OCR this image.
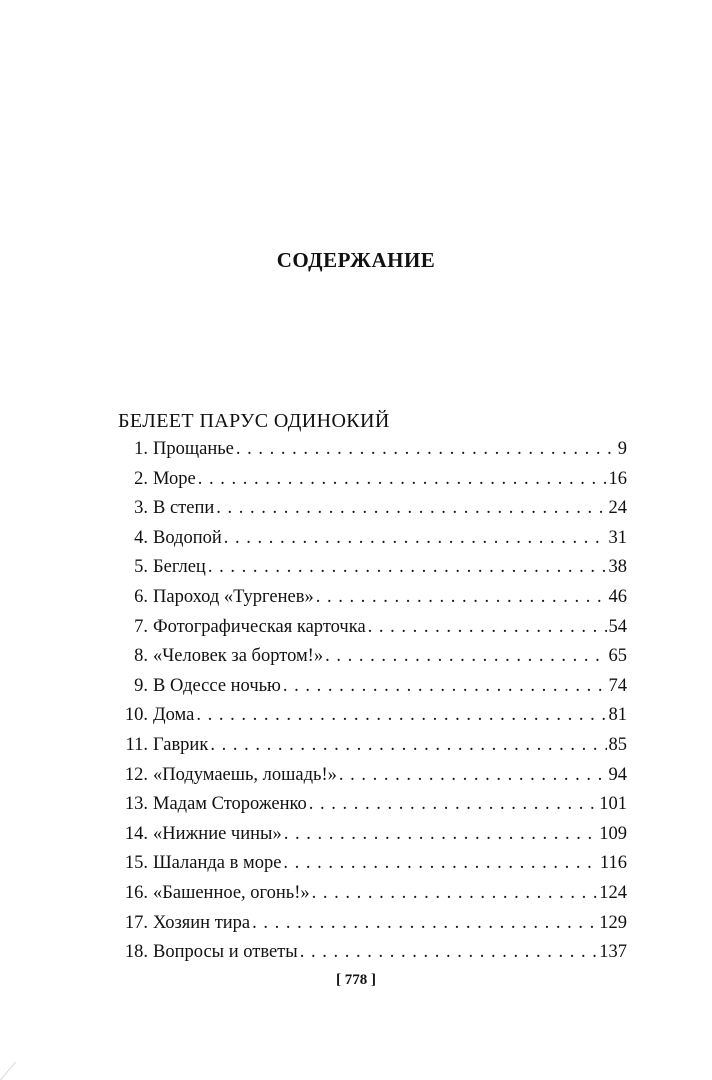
СОДЕРЖАНИЕ
БЕЛЕЕТ ПАРУС ОДИНОКИЙ
1. Прощанье . . .	9
2. Море . . .	16
3. В степи . . .	24
4. Водопой . . .	31
5. Беглец . . .	38
6. Пароход «Тургенев» . . .	46
7. Фотографическая карточка . . .	54
8. «Человек за бортом!» . . .	65
9. В Одессе ночью . . .	74
10. Дома . . .	81
11. Гаврик . . .	85
12. «Подумаешь, лошадь!» . . .	94
13. Мадам Стороженко . . .	101
14. «Нижние чины» . . .	109
15. Шаланда в море . . .	116
16. «Башенное, огонь!» . . .	124
17. Хозяин тира . . .	129
18. Вопросы и ответы . . .	137
[ 778 ]
